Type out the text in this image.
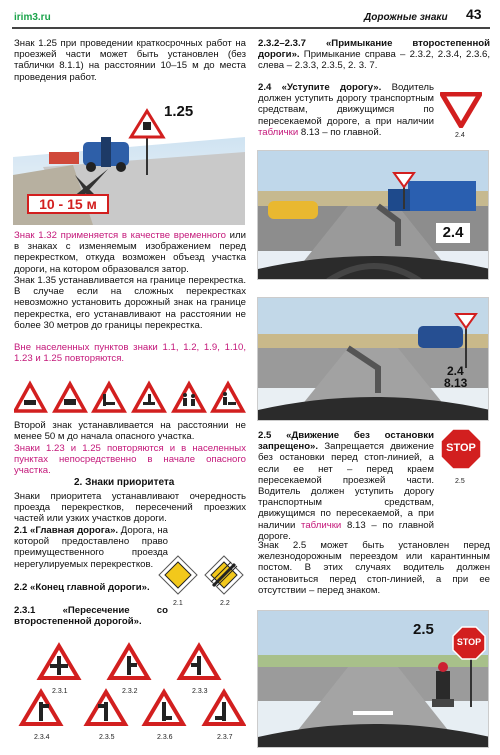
irim3.ru	Дорожные знаки 43
Знак 1.25 при проведении краткосрочных работ на проезжей части может быть установлен (без таблички 8.1.1) на расстоянии 10–15 м до места проведения работ.
1.25
10 - 15 м
Знак 1.32 применяется в качестве временного или в знаках с изменяемым изображением перед перекрестком, откуда возможен объезд участка дороги, на котором образовался затор.
Знак 1.35 устанавливается на границе перекрестка. В случае если на сложных перекрестках невозможно установить дорожный знак на границе перекрестка, его устанавливают на расстоянии не более 30 метров до границы перекрестка.
Вне населенных пунктов знаки 1.1, 1.2, 1.9, 1.10, 1.23 и 1.25 повторяются.
Второй знак устанавливается на расстоянии не менее 50 м до начала опасного участка.
Знаки 1.23 и 1.25 повторяются и в населенных пунктах непосредственно в начале опасного участка.
2. Знаки приоритета
Знаки приоритета устанавливают очередность проезда перекрестков, пересечений проезжих частей или узких участков дороги.
2.1 «Главная дорога». Дорога, на которой предоставлено право преимущественного проезда нерегулируемых перекрестков.
2.2 «Конец главной дороги».
2.3.1 «Пересечение со второстепенной дорогой».
2.1	2.2
2.3.1	2.3.2	2.3.3
2.3.4	2.3.5	2.3.6	2.3.7
2.3.2–2.3.7 «Примыкание второстепенной дороги». Примыкание справа – 2.3.2, 2.3.4, 2.3.6, слева – 2.3.3, 2.3.5, 2. 3. 7.
2.4 «Уступите дорогу». Водитель должен уступить дорогу транспортным средствам, движущимся по пересекаемой дороге, а при наличии таблички 8.13 – по главной.	2.4
2.4
2.4
8.13
2.5 «Движение без остановки запрещено». Запрещается движение без остановки перед стоп-линией, а если ее нет – перед краем пересекаемой проезжей части. Водитель должен уступить дорогу транспортным средствам, движущимся по пересекаемой, а при наличии таблички 8.13 – по главной дороге.
STOP
2.5
Знак 2.5 может быть установлен перед железнодорожным переездом или карантинным постом. В этих случаях водитель должен остановиться перед стоп-линией, а при ее отсутствии – перед знаком.
2.5
STOP
